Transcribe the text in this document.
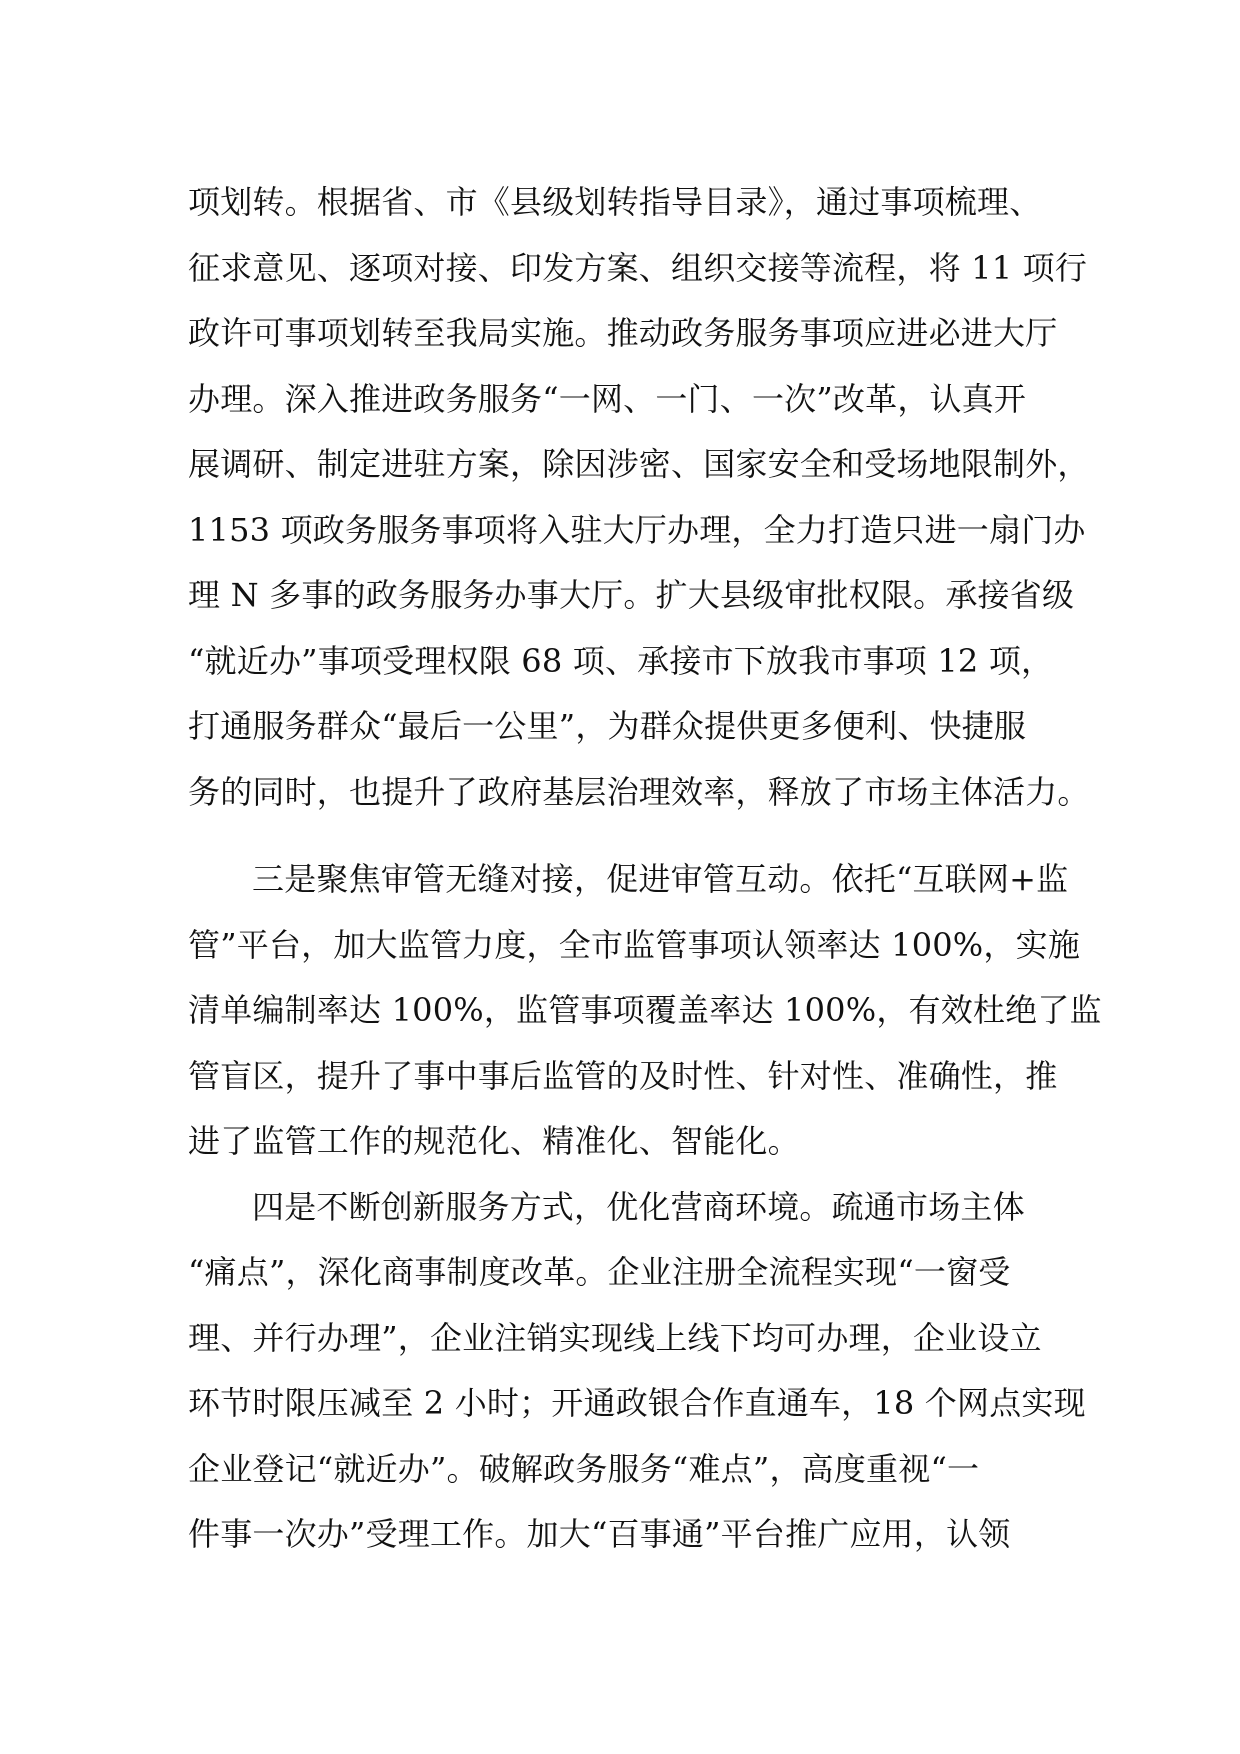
项划转。根据省、市《县级划转指导目录》，通过事项梳理、
征求意见、逐项对接、印发方案、组织交接等流程，将 11 项行
政许可事项划转至我局实施。推动政务服务事项应进必进大厅
办理。深入推进政务服务“一网、一门、一次”改革，认真开
展调研、制定进驻方案，除因涉密、国家安全和受场地限制外，
1153 项政务服务事项将入驻大厅办理，全力打造只进一扇门办
理 N 多事的政务服务办事大厅。扩大县级审批权限。承接省级
“就近办”事项受理权限 68 项、承接市下放我市事项 12 项，
打通服务群众“最后一公里”，为群众提供更多便利、快捷服
务的同时，也提升了政府基层治理效率，释放了市场主体活力。
三是聚焦审管无缝对接，促进审管互动。依托“互联网+监
管”平台，加大监管力度，全市监管事项认领率达 100%，实施
清单编制率达 100%，监管事项覆盖率达 100%，有效杜绝了监
管盲区，提升了事中事后监管的及时性、针对性、准确性，推
进了监管工作的规范化、精准化、智能化。
四是不断创新服务方式，优化营商环境。疏通市场主体
“痛点”，深化商事制度改革。企业注册全流程实现“一窗受
理、并行办理”，企业注销实现线上线下均可办理，企业设立
环节时限压减至 2 小时；开通政银合作直通车，18 个网点实现
企业登记“就近办”。破解政务服务“难点”，高度重视“一
件事一次办”受理工作。加大“百事通”平台推广应用，认领
